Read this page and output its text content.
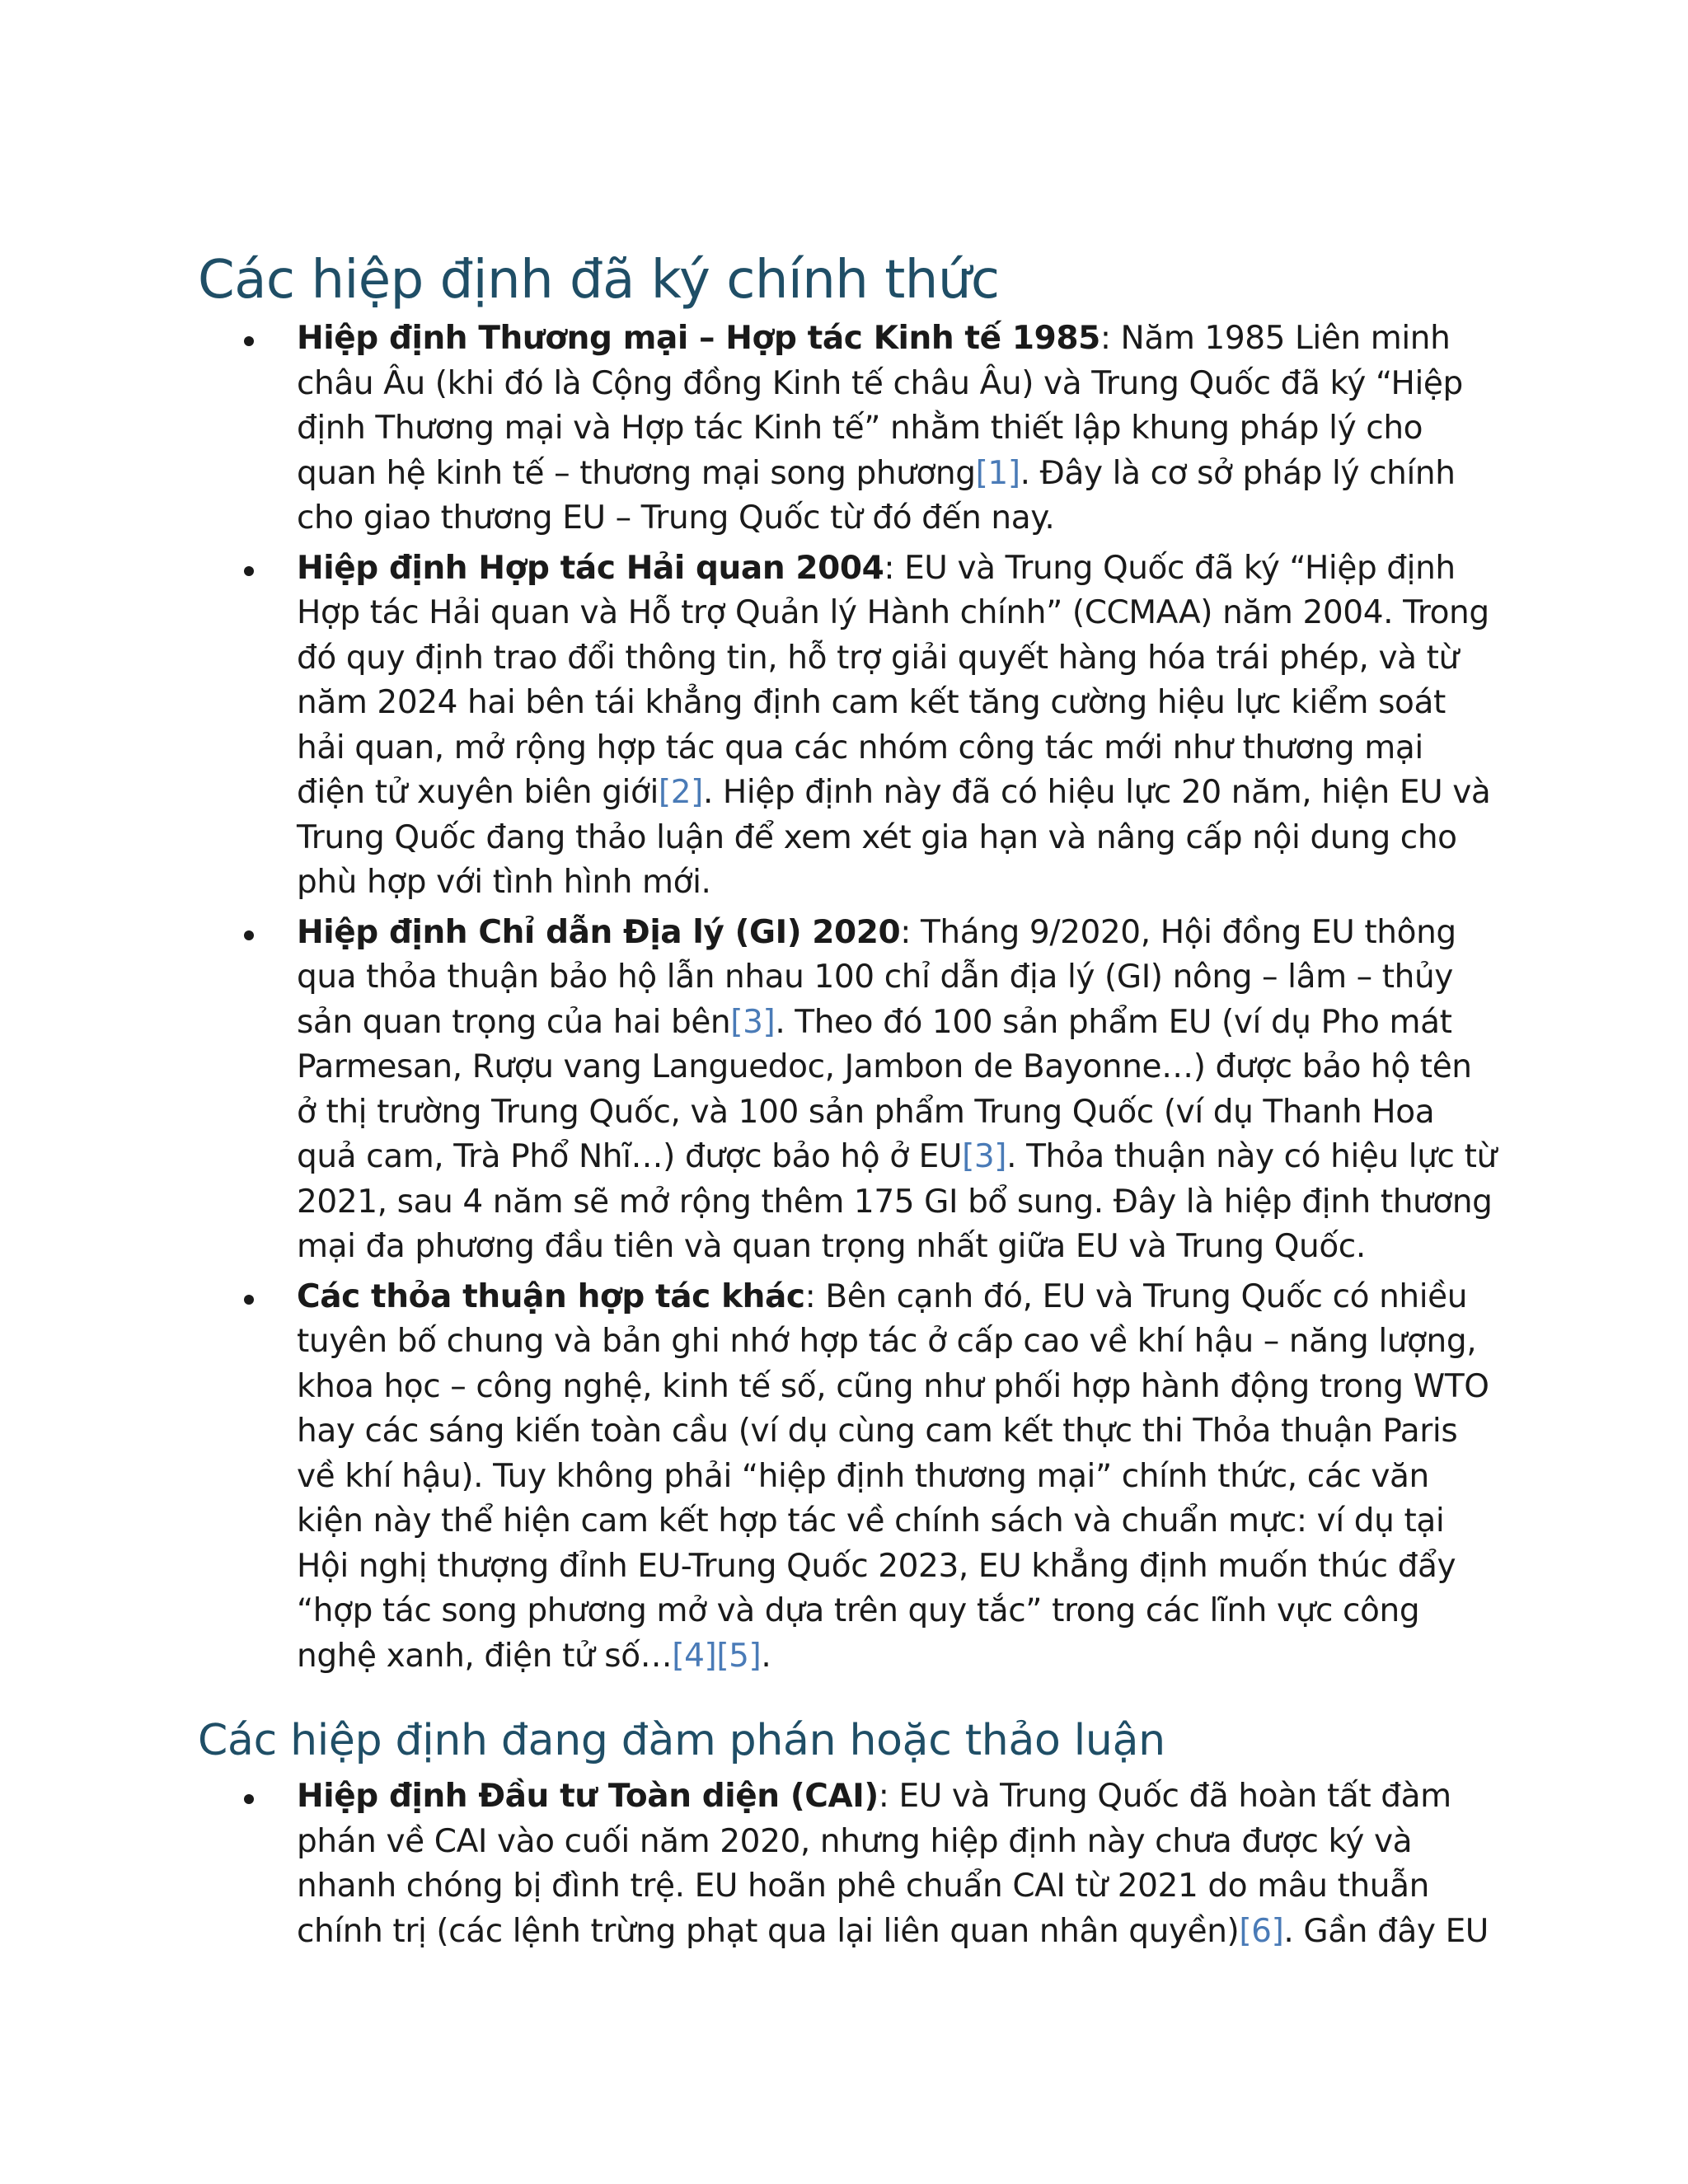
Các hiệp định đã ký chính thức
Hiệp định Thương mại – Hợp tác Kinh tế 1985: Năm 1985 Liên minh châu Âu (khi đó là Cộng đồng Kinh tế châu Âu) và Trung Quốc đã ký “Hiệp định Thương mại và Hợp tác Kinh tế” nhằm thiết lập khung pháp lý cho quan hệ kinh tế – thương mại song phương[1]. Đây là cơ sở pháp lý chính cho giao thương EU – Trung Quốc từ đó đến nay.
Hiệp định Hợp tác Hải quan 2004: EU và Trung Quốc đã ký “Hiệp định Hợp tác Hải quan và Hỗ trợ Quản lý Hành chính” (CCMAA) năm 2004. Trong đó quy định trao đổi thông tin, hỗ trợ giải quyết hàng hóa trái phép, và từ năm 2024 hai bên tái khẳng định cam kết tăng cường hiệu lực kiểm soát hải quan, mở rộng hợp tác qua các nhóm công tác mới như thương mại điện tử xuyên biên giới[2]. Hiệp định này đã có hiệu lực 20 năm, hiện EU và Trung Quốc đang thảo luận để xem xét gia hạn và nâng cấp nội dung cho phù hợp với tình hình mới.
Hiệp định Chỉ dẫn Địa lý (GI) 2020: Tháng 9/2020, Hội đồng EU thông qua thỏa thuận bảo hộ lẫn nhau 100 chỉ dẫn địa lý (GI) nông – lâm – thủy sản quan trọng của hai bên[3]. Theo đó 100 sản phẩm EU (ví dụ Pho mát Parmesan, Rượu vang Languedoc, Jambon de Bayonne…) được bảo hộ tên ở thị trường Trung Quốc, và 100 sản phẩm Trung Quốc (ví dụ Thanh Hoa quả cam, Trà Phổ Nhĩ…) được bảo hộ ở EU[3]. Thỏa thuận này có hiệu lực từ 2021, sau 4 năm sẽ mở rộng thêm 175 GI bổ sung. Đây là hiệp định thương mại đa phương đầu tiên và quan trọng nhất giữa EU và Trung Quốc.
Các thỏa thuận hợp tác khác: Bên cạnh đó, EU và Trung Quốc có nhiều tuyên bố chung và bản ghi nhớ hợp tác ở cấp cao về khí hậu – năng lượng, khoa học – công nghệ, kinh tế số, cũng như phối hợp hành động trong WTO hay các sáng kiến toàn cầu (ví dụ cùng cam kết thực thi Thỏa thuận Paris về khí hậu). Tuy không phải “hiệp định thương mại” chính thức, các văn kiện này thể hiện cam kết hợp tác về chính sách và chuẩn mực: ví dụ tại Hội nghị thượng đỉnh EU-Trung Quốc 2023, EU khẳng định muốn thúc đẩy “hợp tác song phương mở và dựa trên quy tắc” trong các lĩnh vực công nghệ xanh, điện tử số…[4][5].
Các hiệp định đang đàm phán hoặc thảo luận
Hiệp định Đầu tư Toàn diện (CAI): EU và Trung Quốc đã hoàn tất đàm phán về CAI vào cuối năm 2020, nhưng hiệp định này chưa được ký và nhanh chóng bị đình trệ. EU hoãn phê chuẩn CAI từ 2021 do mâu thuẫn chính trị (các lệnh trừng phạt qua lại liên quan nhân quyền)[6]. Gần đây EU
